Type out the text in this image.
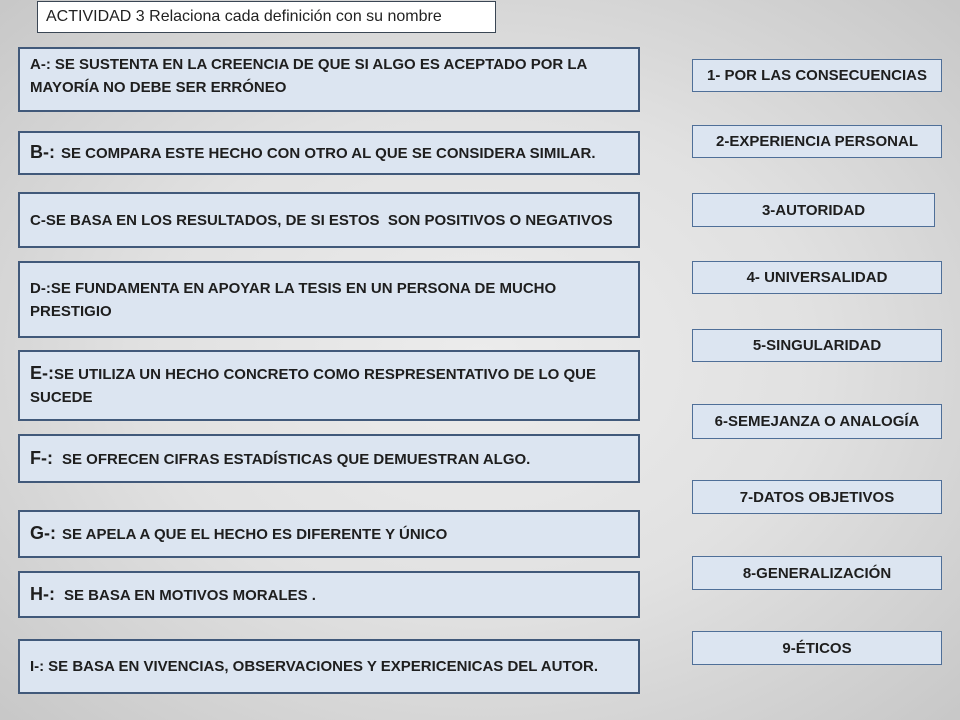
ACTIVIDAD 3 Relaciona cada definición con su nombre
A-: SE SUSTENTA EN LA CREENCIA DE QUE SI ALGO ES ACEPTADO POR LA
MAYORÍA NO DEBE SER ERRÓNEO
B-: SE COMPARA ESTE HECHO CON OTRO AL QUE SE CONSIDERA SIMILAR.
C-SE BASA EN LOS RESULTADOS, DE SI ESTOS  SON POSITIVOS O NEGATIVOS
D-:SE FUNDAMENTA EN APOYAR LA TESIS EN UN PERSONA DE MUCHO
PRESTIGIO
E-:SE UTILIZA UN HECHO CONCRETO COMO RESPRESENTATIVO DE LO QUE
SUCEDE
F-: SE OFRECEN CIFRAS ESTADÍSTICAS QUE DEMUESTRAN ALGO.
G-: SE APELA A QUE EL HECHO ES DIFERENTE Y ÚNICO
H-: SE BASA EN MOTIVOS MORALES .
I-: SE BASA EN VIVENCIAS, OBSERVACIONES Y EXPERICENICAS DEL AUTOR.
1- POR LAS CONSECUENCIAS
2-EXPERIENCIA PERSONAL
3-AUTORIDAD
4- UNIVERSALIDAD
5-SINGULARIDAD
6-SEMEJANZA O ANALOGÍA
7-DATOS OBJETIVOS
8-GENERALIZACIÓN
9-ÉTICOS
